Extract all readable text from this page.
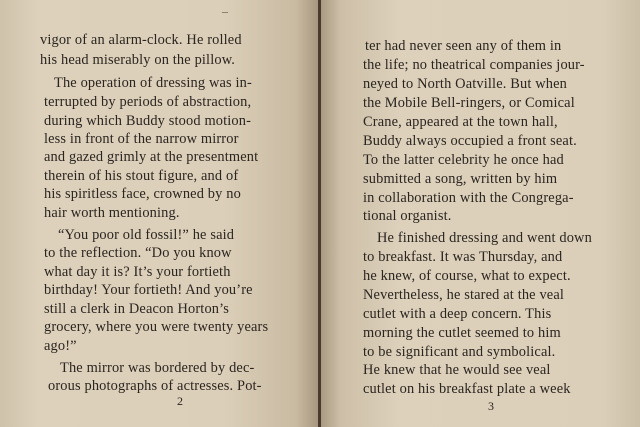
–
vigor of an alarm-clock. He rolled
his head miserably on the pillow.
The operation of dressing was in-
terrupted by periods of abstraction,
during which Buddy stood motion-
less in front of the narrow mirror
and gazed grimly at the presentment
therein of his stout figure, and of
his spiritless face, crowned by no
hair worth mentioning.
“You poor old fossil!” he said
to the reflection. “Do you know
what day it is? It’s your fortieth
birthday! Your fortieth! And you’re
still a clerk in Deacon Horton’s
grocery, where you were twenty years
ago!”
The mirror was bordered by dec-
orous photographs of actresses. Pot-
2
ter had never seen any of them in
the life; no theatrical companies jour-
neyed to North Oatville. But when
the Mobile Bell-ringers, or Comical
Crane, appeared at the town hall,
Buddy always occupied a front seat.
To the latter celebrity he once had
submitted a song, written by him
in collaboration with the Congrega-
tional organist.
He finished dressing and went down
to breakfast. It was Thursday, and
he knew, of course, what to expect.
Nevertheless, he stared at the veal
cutlet with a deep concern. This
morning the cutlet seemed to him
to be significant and symbolical.
He knew that he would see veal
cutlet on his breakfast plate a week
3
